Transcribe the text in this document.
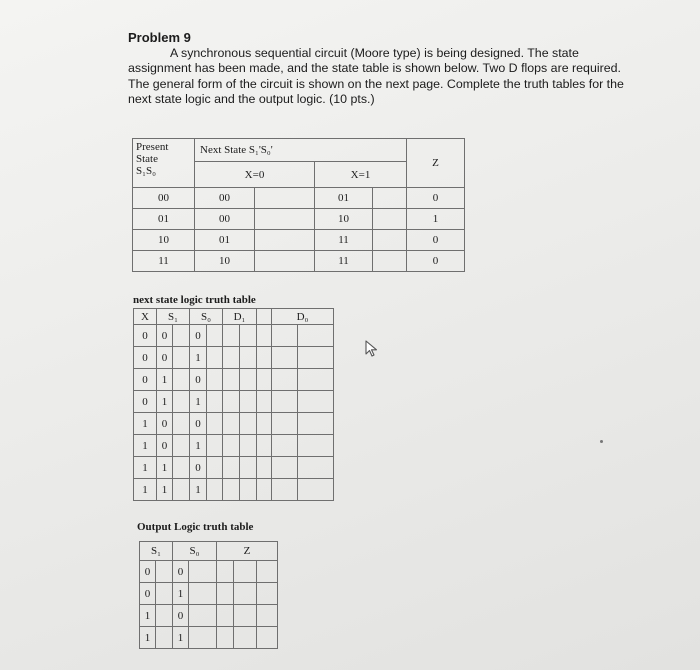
Problem 9
A synchronous sequential circuit (Moore type) is being designed. The state assignment has been made, and the state table is shown below. Two D flops are required. The general form of the circuit is shown on the next page. Complete the truth tables for the next state logic and the output logic. (10 pts.)
Present
State
S₁S₀	Next State S₁'S₀'				Z
	X=0		X=1		
00	00		01		0
01	00		10		1
10	01		11		0
11	10		11		0
next state logic truth table
X	S₁		S₀		D₁			D₀	
0	0		0						
0	0		1						
0	1		0						
0	1		1						
1	0		0						
1	0		1						
1	1		0						
1	1		1						
Output Logic truth table
S₁		S₀		Z		
0		0				
0		1				
1		0				
1		1				
